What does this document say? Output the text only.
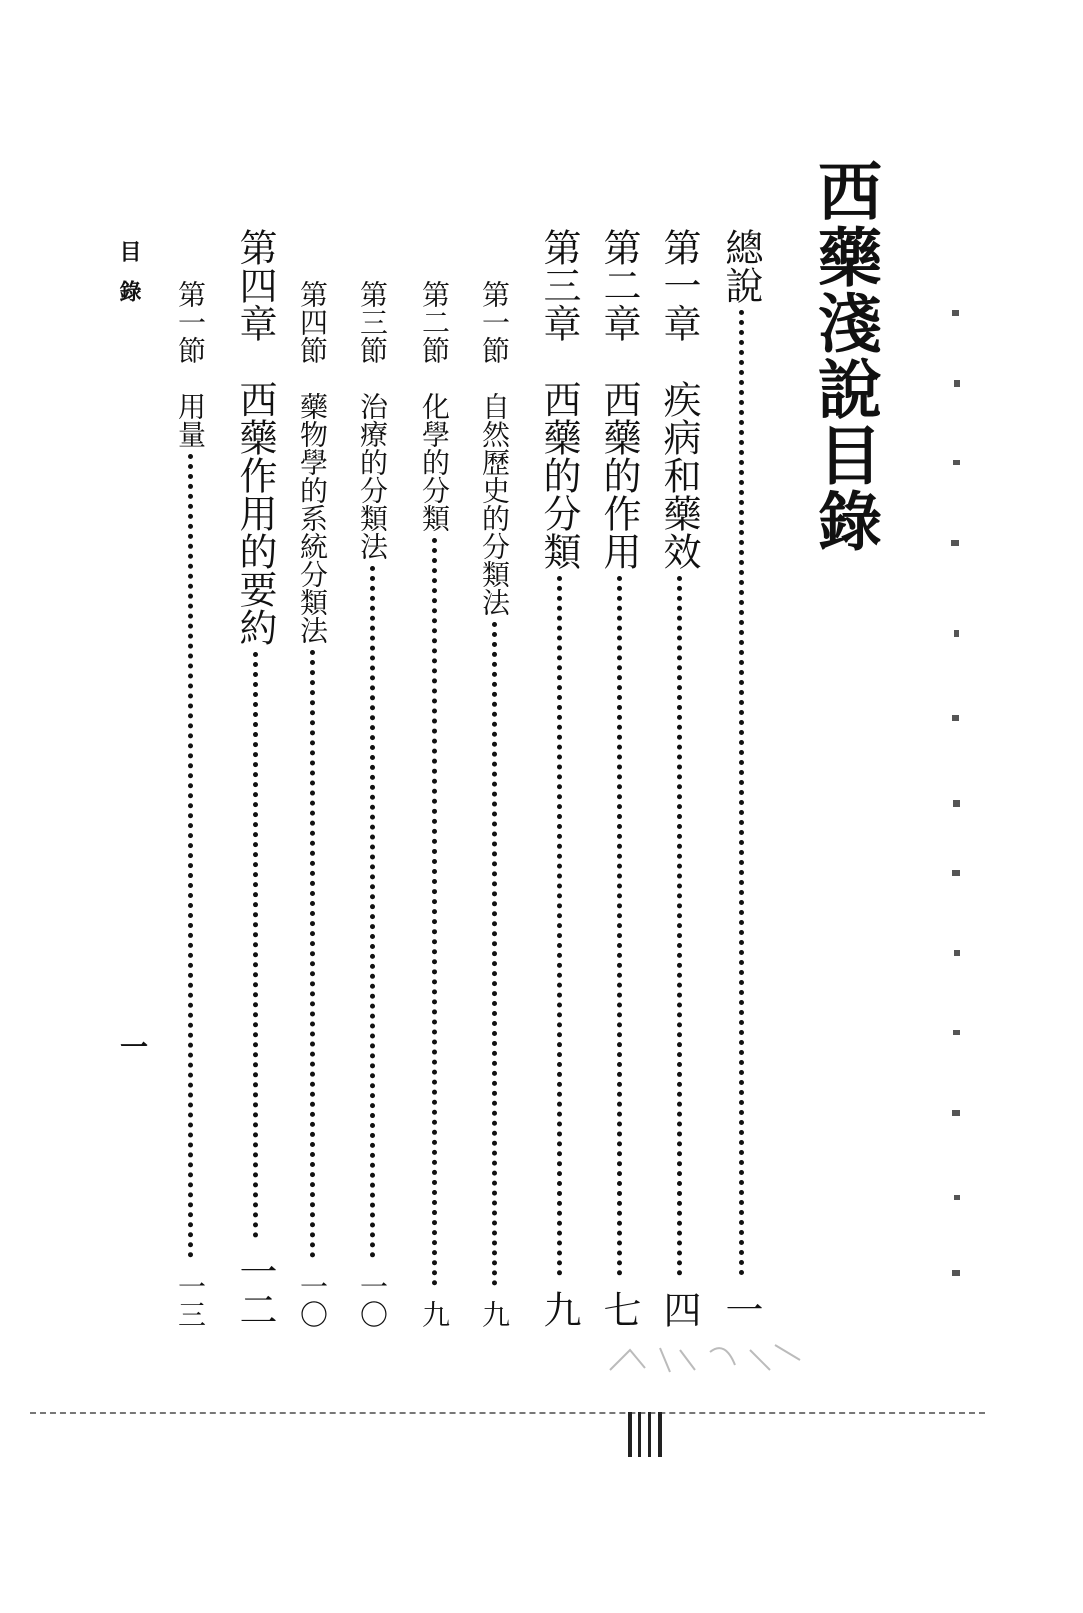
西藥淺說目錄
總說
一
第一章　疾病和藥效
四
第二章　西藥的作用
七
第三章　西藥的分類
九
第一節　自然歷史的分類法
九
第二節　化學的分類
九
第三節　治療的分類法
一〇
第四節　藥物學的系統分類法
一〇
第四章　西藥作用的要約
一二
第一節　用量
一三
目錄
一
